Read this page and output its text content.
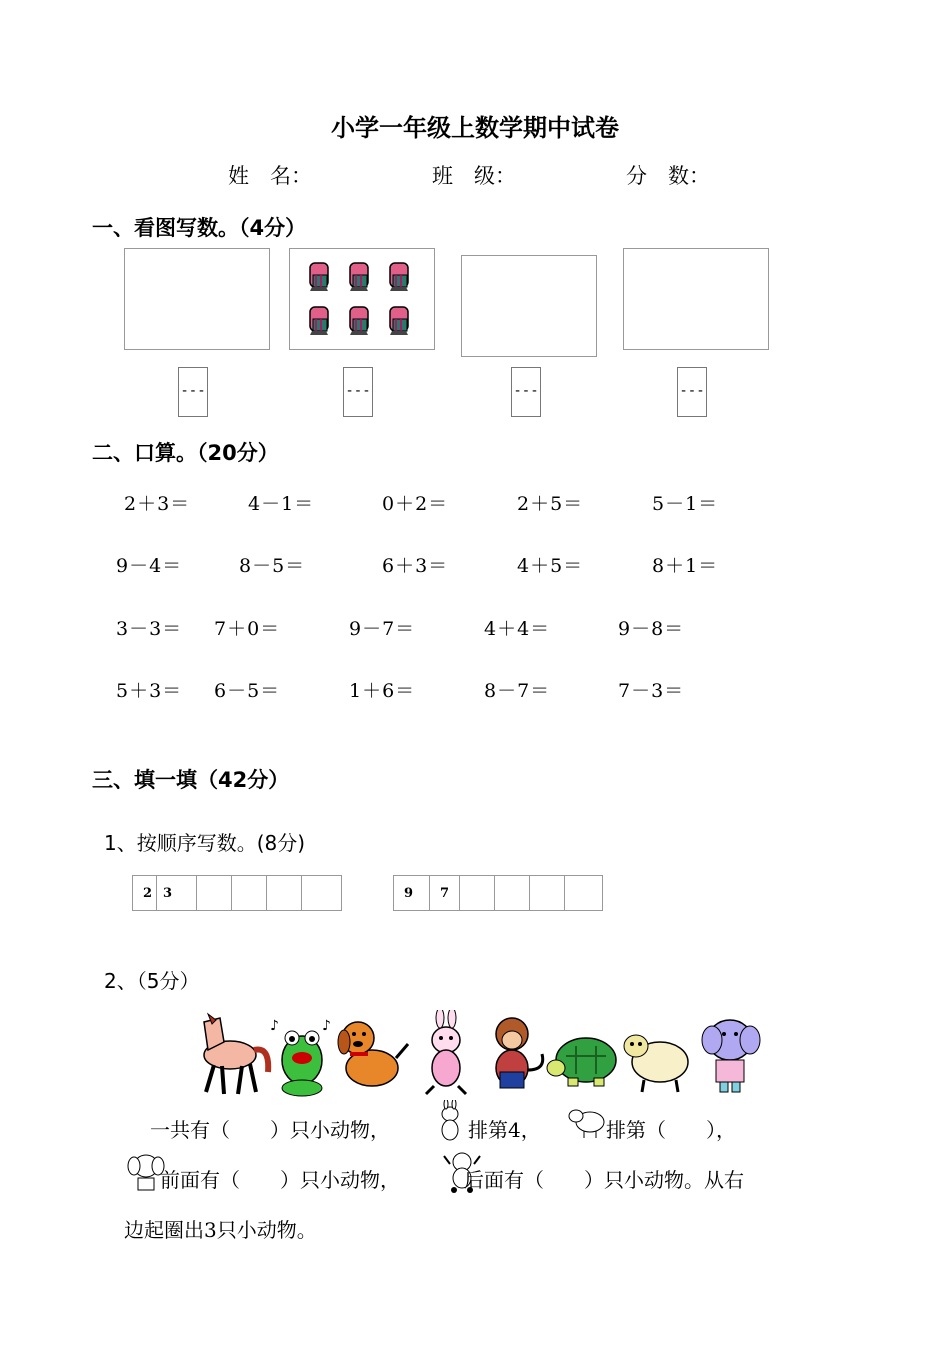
小学一年级上数学期中试卷
姓　名：	班　级：	分　数：
一、看图写数。（4分）
---	---	---	---
二、口算。（20分）
2＋3＝	4－1＝	0＋2＝	2＋5＝	5－1＝
9－4＝	8－5＝	6＋3＝	4＋5＝	8＋1＝
3－3＝ 7＋0＝	9－7＝	4＋4＝	9－8＝
5＋3＝ 6－5＝	1＋6＝	8－7＝	7－3＝
三、填一填（42分）
1、按顺序写数。(8分)
2 3	9	7
2、（5分）
♪	♪
一共有（　　）只小动物，	排第4，	排第（　　），
前面有（　　）只小动物，	后面有（　　）只小动物。从右
边起圈出3只小动物。
